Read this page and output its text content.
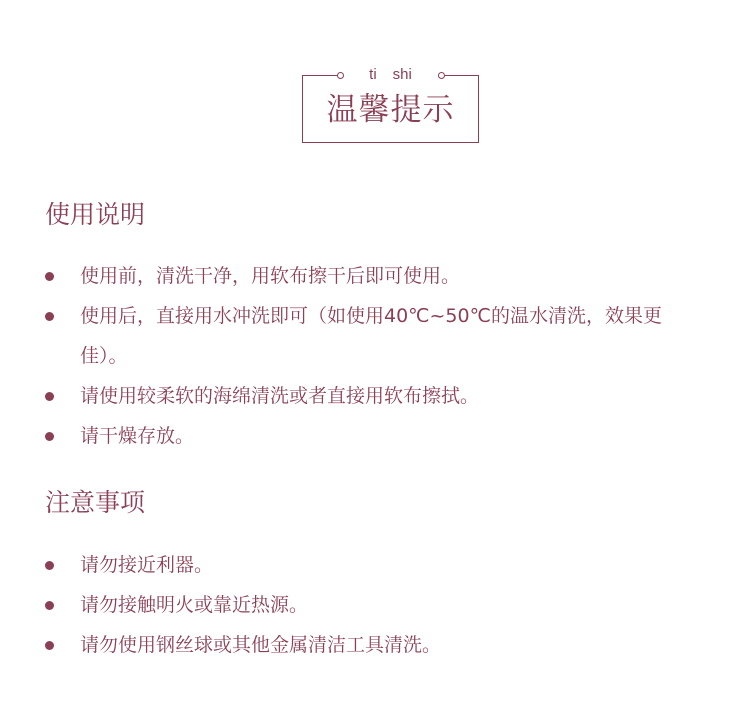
ti shi
温馨提示
使用说明
使用前，清洗干净，用软布擦干后即可使用。
使用后，直接用水冲洗即可（如使用40℃~50℃的温水清洗，效果更佳）。
请使用较柔软的海绵清洗或者直接用软布擦拭。
请干燥存放。
注意事项
请勿接近利器。
请勿接触明火或靠近热源。
请勿使用钢丝球或其他金属清洁工具清洗。
